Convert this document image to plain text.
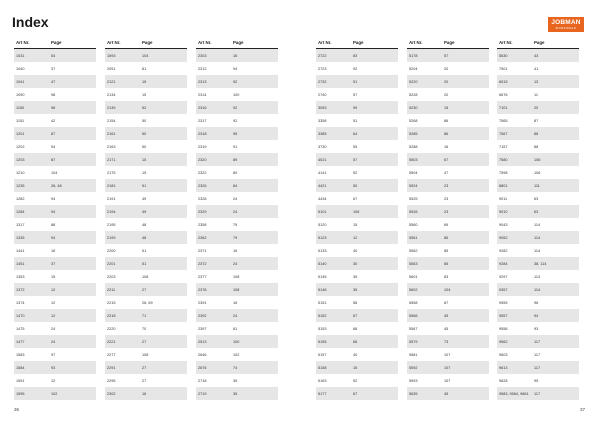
Index	JOBMAN
WORKWEAR
Art Nr.	Page
1031	54
1040	37
1041	47
1090	98
1150	98
1151	42
1201	87
1202	94
1203	87
1210	104
1235	26, 48
1282	94
1284	94
1317	88
1335	94
1441	16
1451	37
1353	15
1372	12
1374	12
1470	12
1475	24
1477	24
1583	97
1584	93
1591	12
1595	102
Art Nr.	Page
1593	104
2051	81
2121	15
2134	15
2139	52
2154	50
2161	50
2163	50
2171	15
2175	15
2181	51
2191	49
2194	49
2195	48
2199	48
2200	51
2201	51
2203	108
2211	27
2215	26, 69
2218	71
2220	70
2221	27
2277	108
2291	27
2295	27
2302	16
Art Nr.	Page
2303	16
2312	94
2313	92
2314	100
2316	92
2317	92
2318	95
2319	91
2320	89
2322	80
2326	84
2328	24
2329	24
2358	79
2362	79
2371	16
2372	24
2377	108
2378	108
2391	16
2392	24
2397	81
2513	100
2646	102
2676	74
2718	35
2719	35
Art Nr.	Page
2722	83
2723	92
2732	51
2740	57
3053	99
3358	51
3385	64
3730	55
4021	57
4141	52
4421	50
4434	67
5101	106
5120	15
5123	12
5133	40
5140	30
5145	35
5146	35
5151	56
5152	67
5153	68
5155	66
5157	40
5158	15
5163	52
5177	67
Art Nr.	Page
5178	57
5204	20
5220	20
5228	20
5230	15
5268	86
5285	86
5288	16
5503	67
5504	47
5524	23
5525	23
5526	23
5560	69
5561	85
5562	85
5563	85
5601	83
5602	104
5558	87
5566	45
5567	45
5579	73
5581	107
5592	107
5593	107
5635	45
Art Nr.	Page
5630	43
7501	41
6515	13
6676	11
7101	20
7565	87
7567	88
7157	88
7580	106
7598	106
8801	111
9011	63
9010	63
9043	114
9052	114
9282	114
9284	38, 114
9297	113
9357	114
9555	96
9557	94
9558	93
9562	117
9603	117
9613	117
9628	95
9583, 9584, 9861	117
36	37
